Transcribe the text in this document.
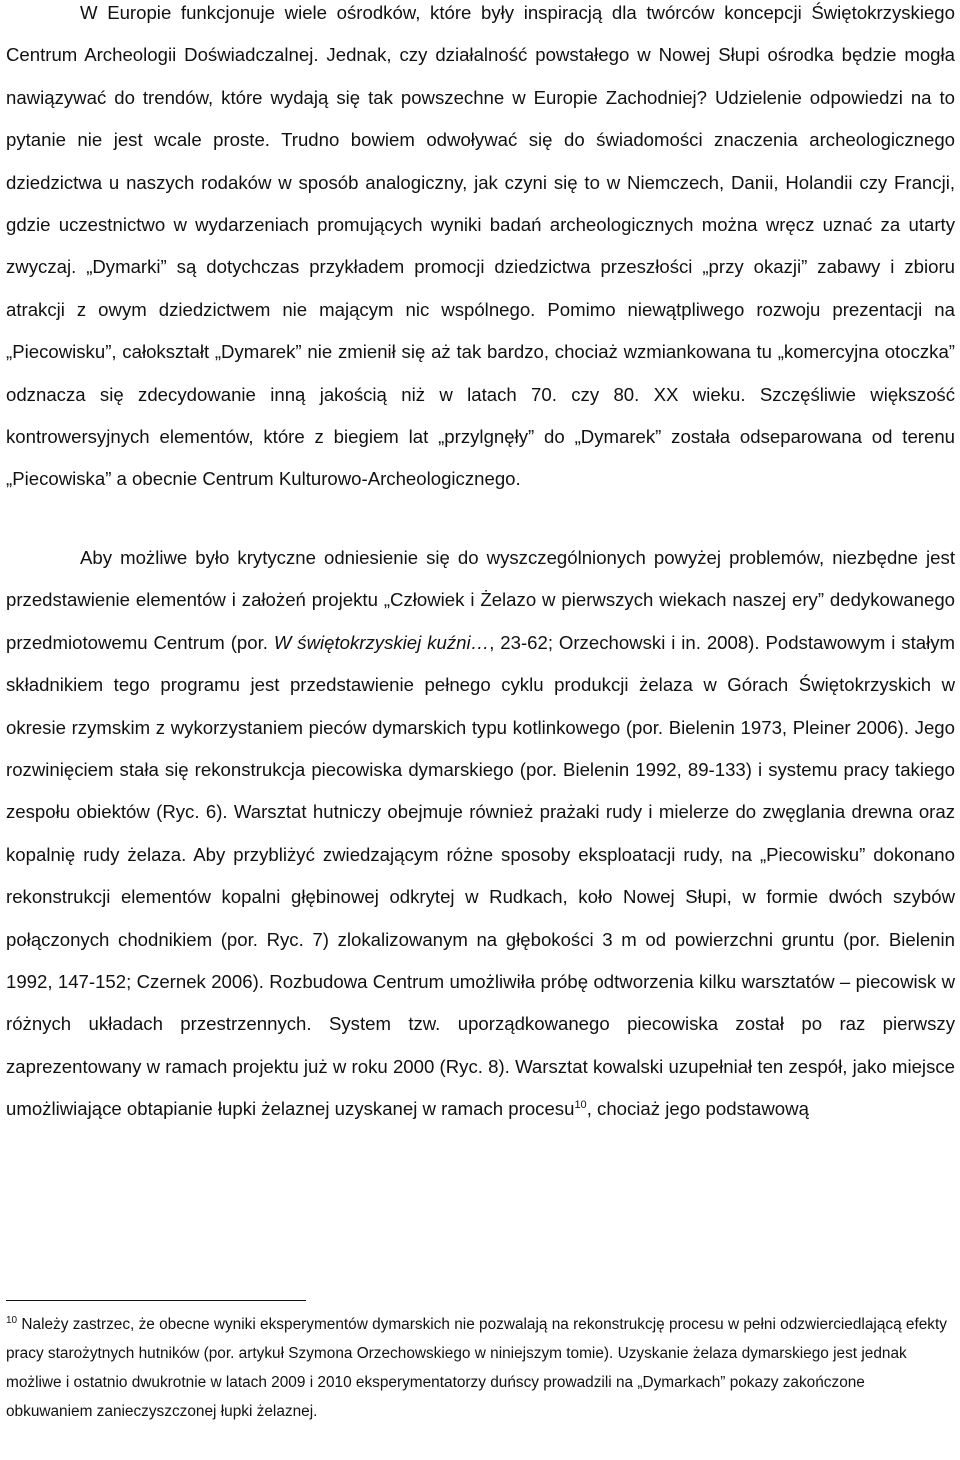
W Europie funkcjonuje wiele ośrodków, które były inspiracją dla twórców koncepcji Świętokrzyskiego Centrum Archeologii Doświadczalnej. Jednak, czy działalność powstałego w Nowej Słupi ośrodka będzie mogła nawiązywać do trendów, które wydają się tak powszechne w Europie Zachodniej? Udzielenie odpowiedzi na to pytanie nie jest wcale proste. Trudno bowiem odwoływać się do świadomości znaczenia archeologicznego dziedzictwa u naszych rodaków w sposób analogiczny, jak czyni się to w Niemczech, Danii, Holandii czy Francji, gdzie uczestnictwo w wydarzeniach promujących wyniki badań archeologicznych można wręcz uznać za utarty zwyczaj. „Dymarki” są dotychczas przykładem promocji dziedzictwa przeszłości „przy okazji” zabawy i zbioru atrakcji z owym dziedzictwem nie mającym nic wspólnego. Pomimo niewątpliwego rozwoju prezentacji na „Piecowisku”, całokształt „Dymarek” nie zmienił się aż tak bardzo, chociaż wzmiankowana tu „komercyjna otoczka” odznacza się zdecydowanie inną jakością niż w latach 70. czy 80. XX wieku. Szczęśliwie większość kontrowersyjnych elementów, które z biegiem lat „przylgnęły” do „Dymarek” została odseparowana od terenu „Piecowiska” a obecnie Centrum Kulturowo-Archeologicznego.

Aby możliwe było krytyczne odniesienie się do wyszczególnionych powyżej problemów, niezbędne jest przedstawienie elementów i założeń projektu „Człowiek i Żelazo w pierwszych wiekach naszej ery” dedykowanego przedmiotowemu Centrum (por. W świętokrzyskiej kuźni…, 23-62; Orzechowski i in. 2008). Podstawowym i stałym składnikiem tego programu jest przedstawienie pełnego cyklu produkcji żelaza w Górach Świętokrzyskich w okresie rzymskim z wykorzystaniem pieców dymarskich typu kotlinkowego (por. Bielenin 1973, Pleiner 2006). Jego rozwinięciem stała się rekonstrukcja piecowiska dymarskiego (por. Bielenin 1992, 89-133) i systemu pracy takiego zespołu obiektów (Ryc. 6). Warsztat hutniczy obejmuje również prażaki rudy i mielerze do zwęglania drewna oraz kopalnię rudy żelaza. Aby przybliżyć zwiedzającym różne sposoby eksploatacji rudy, na „Piecowisku” dokonano rekonstrukcji elementów kopalni głębinowej odkrytej w Rudkach, koło Nowej Słupi, w formie dwóch szybów połączonych chodnikiem (por. Ryc. 7) zlokalizowanym na głębokości 3 m od powierzchni gruntu (por. Bielenin 1992, 147-152; Czernek 2006). Rozbudowa Centrum umożliwiła próbę odtworzenia kilku warsztatów – piecowisk w różnych układach przestrzennych. System tzw. uporządkowanego piecowiska został po raz pierwszy zaprezentowany w ramach projektu już w roku 2000 (Ryc. 8). Warsztat kowalski uzupełniał ten zespół, jako miejsce umożliwiające obtapianie łupki żelaznej uzyskanej w ramach procesu$^{10}$, chociaż jego podstawową

$^{10}$ Należy zastrzec, że obecne wyniki eksperymentów dymarskich nie pozwalają na rekonstrukcję procesu w pełni odzwierciedlającą efekty pracy starożytnych hutników (por. artykuł Szymona Orzechowskiego w niniejszym tomie). Uzyskanie żelaza dymarskiego jest jednak możliwe i ostatnio dwukrotnie w latach 2009 i 2010 eksperymentatorzy duńscy prowadzili na „Dymarkach” pokazy zakończone obkuwaniem zanieczyszczonej łupki żelaznej.
